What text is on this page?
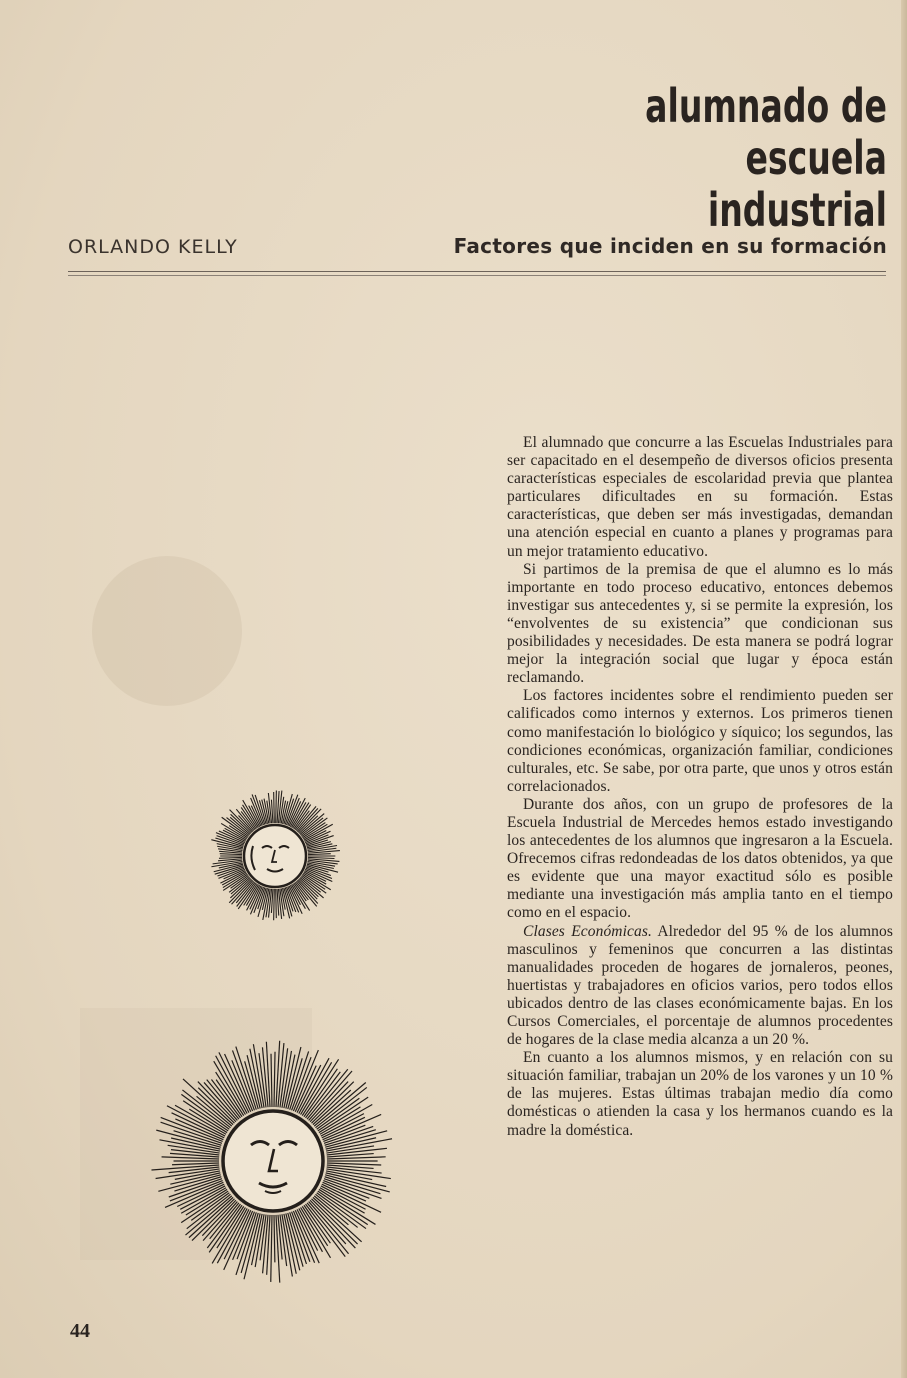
alumnado de
escuela industrial
ORLANDO KELLY	Factores que inciden en su formación

El alumnado que concurre a las Escuelas Industriales para ser capacitado en el desempeño de diversos oficios presenta características especiales de escolaridad previa que plantea particulares dificultades en su formación. Estas características, que deben ser más investigadas, demandan una atención especial en cuanto a planes y programas para un mejor tratamiento educativo.

Si partimos de la premisa de que el alumno es lo más importante en todo proceso educativo, entonces debemos investigar sus antecedentes y, si se permite la expresión, los “envolventes de su existencia” que condicionan sus posibilidades y necesidades. De esta manera se podrá lograr mejor la integración social que lugar y época están reclamando.

Los factores incidentes sobre el rendimiento pueden ser calificados como internos y externos. Los primeros tienen como manifestación lo biológico y síquico; los segundos, las condiciones económicas, organización familiar, condiciones culturales, etc. Se sabe, por otra parte, que unos y otros están correlacionados.

Durante dos años, con un grupo de profesores de la Escuela Industrial de Mercedes hemos estado investigando los antecedentes de los alumnos que ingresaron a la Escuela. Ofrecemos cifras redondeadas de los datos obtenidos, ya que es evidente que una mayor exactitud sólo es posible mediante una investigación más amplia tanto en el tiempo como en el espacio.

Clases Económicas. Alrededor del 95 % de los alumnos masculinos y femeninos que concurren a las distintas manualidades proceden de hogares de jornaleros, peones, huertistas y trabajadores en oficios varios, pero todos ellos ubicados dentro de las clases económicamente bajas. En los Cursos Comerciales, el porcentaje de alumnos procedentes de hogares de la clase media alcanza a un 20 %.

En cuanto a los alumnos mismos, y en relación con su situación familiar, trabajan un 20% de los varones y un 10 % de las mujeres. Estas últimas trabajan medio día como domésticas o atienden la casa y los hermanos cuando es la madre la doméstica.

44
